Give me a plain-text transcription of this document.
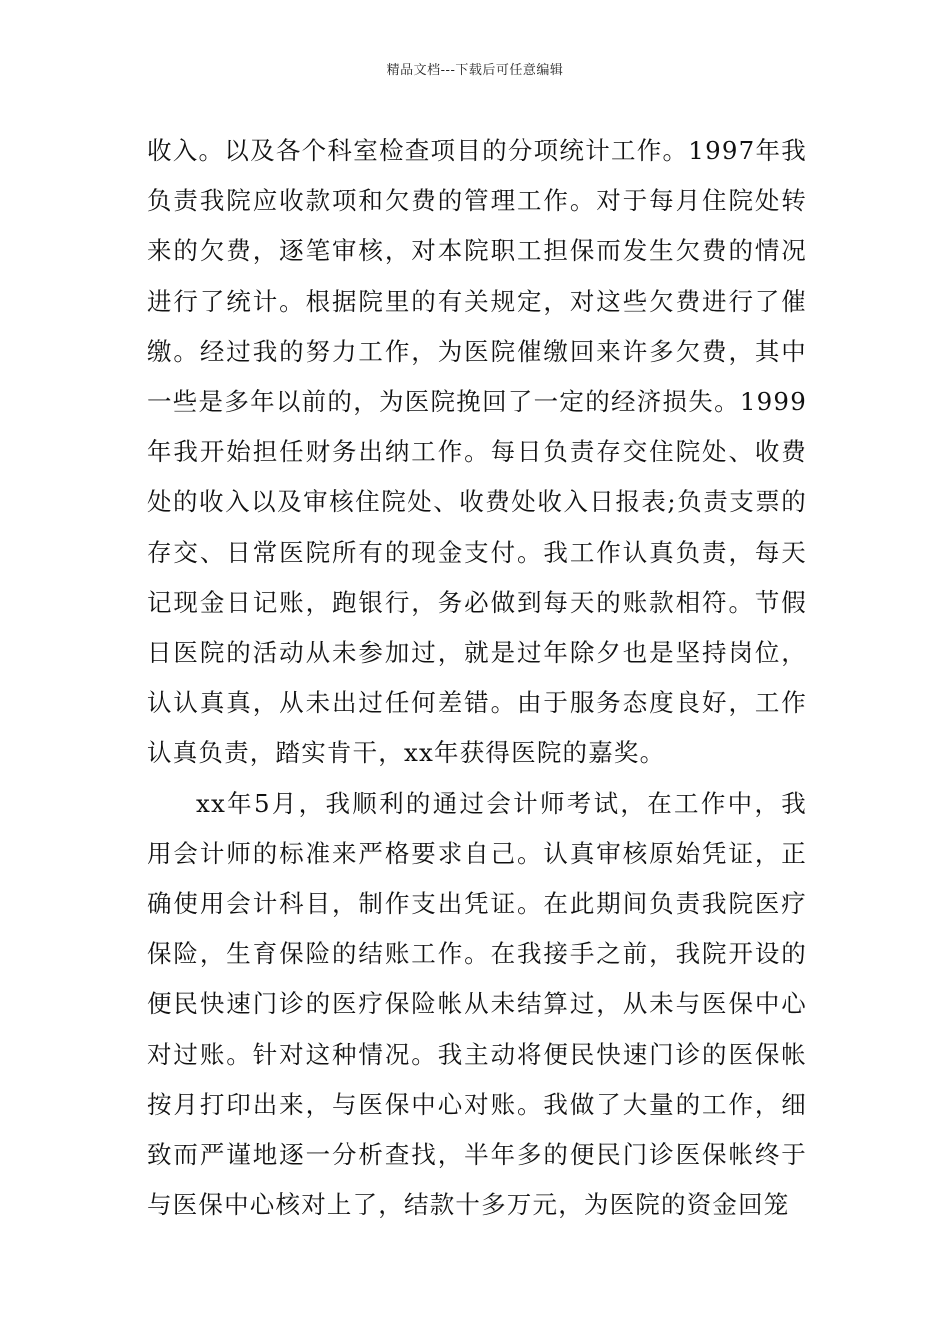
精品文档---下载后可任意编辑

收入。以及各个科室检查项目的分项统计工作。1997年我负责我院应收款项和欠费的管理工作。对于每月住院处转来的欠费，逐笔审核，对本院职工担保而发生欠费的情况进行了统计。根据院里的有关规定，对这些欠费进行了催缴。经过我的努力工作，为医院催缴回来许多欠费，其中一些是多年以前的，为医院挽回了一定的经济损失。1999年我开始担任财务出纳工作。每日负责存交住院处、收费处的收入以及审核住院处、收费处收入日报表;负责支票的存交、日常医院所有的现金支付。我工作认真负责，每天记现金日记账，跑银行，务必做到每天的账款相符。节假日医院的活动从未参加过，就是过年除夕也是坚持岗位，认认真真，从未出过任何差错。由于服务态度良好，工作认真负责，踏实肯干，xx年获得医院的嘉奖。

xx年5月，我顺利的通过会计师考试，在工作中，我用会计师的标准来严格要求自己。认真审核原始凭证，正确使用会计科目，制作支出凭证。在此期间负责我院医疗保险，生育保险的结账工作。在我接手之前，我院开设的便民快速门诊的医疗保险帐从未结算过，从未与医保中心对过账。针对这种情况。我主动将便民快速门诊的医保帐按月打印出来，与医保中心对账。我做了大量的工作，细致而严谨地逐一分析查找，半年多的便民门诊医保帐终于与医保中心核对上了，结款十多万元，为医院的资金回笼
